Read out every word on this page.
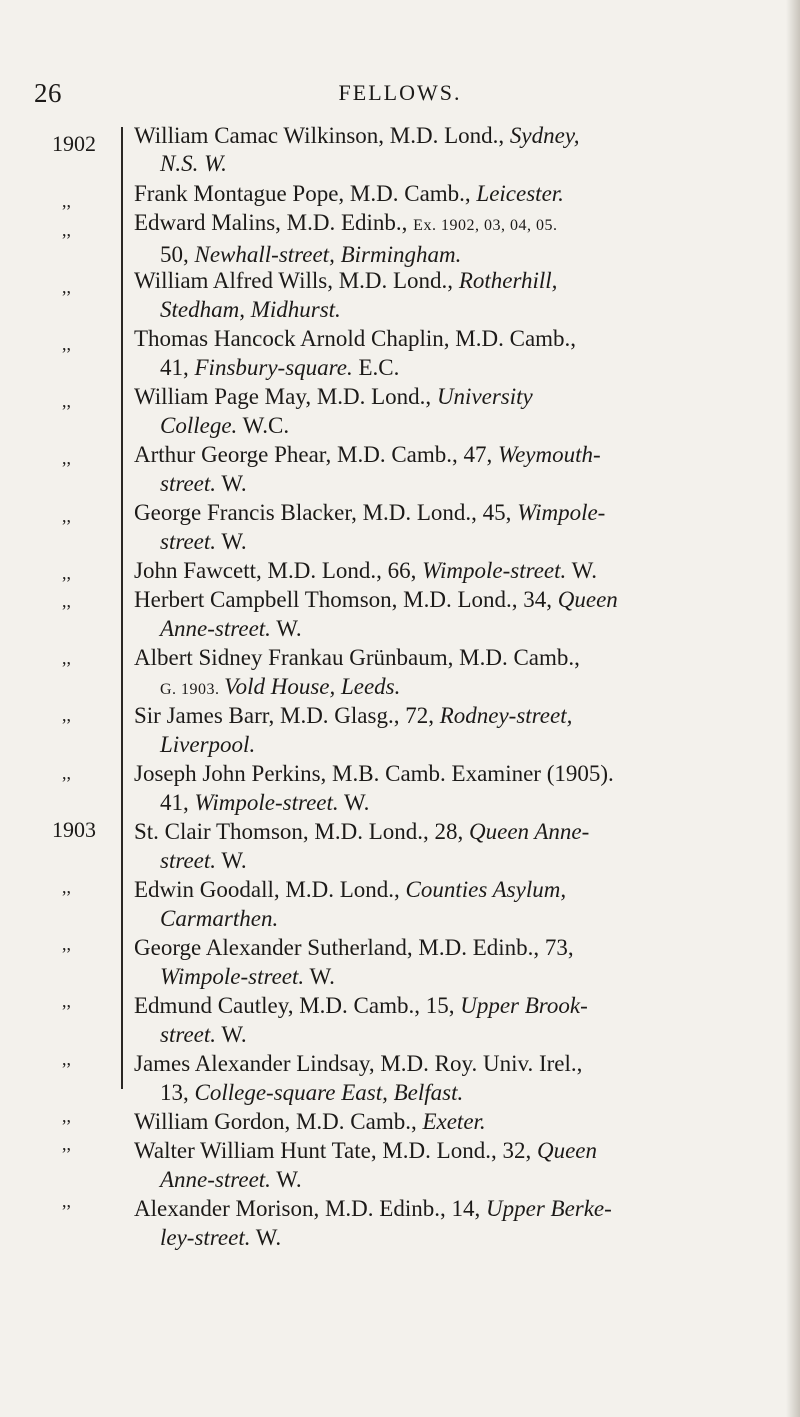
26	FELLOWS.
1902
,,
,,
,,
,,
,,
,,
,,
,,
,,
,,
,,
,,
1903
,,
,,
,,
,,
,,
,,
,,
William Camac Wilkinson, M.D. Lond., Sydney,
N.S. W.
Frank Montague Pope, M.D. Camb., Leicester.
Edward Malins, M.D. Edinb., Ex. 1902, 03, 04, 05.
50, Newhall-street, Birmingham.
William Alfred Wills, M.D. Lond., Rotherhill,
Stedham, Midhurst.
Thomas Hancock Arnold Chaplin, M.D. Camb.,
41, Finsbury-square. E.C.
William Page May, M.D. Lond., University
College. W.C.
Arthur George Phear, M.D. Camb., 47, Weymouth-
street. W.
George Francis Blacker, M.D. Lond., 45, Wimpole-
street. W.
John Fawcett, M.D. Lond., 66, Wimpole-street. W.
Herbert Campbell Thomson, M.D. Lond., 34, Queen
Anne-street. W.
Albert Sidney Frankau Grünbaum, M.D. Camb.,
G. 1903. Vold House, Leeds.
Sir James Barr, M.D. Glasg., 72, Rodney-street,
Liverpool.
Joseph John Perkins, M.B. Camb. Examiner (1905).
41, Wimpole-street. W.
St. Clair Thomson, M.D. Lond., 28, Queen Anne-
street. W.
Edwin Goodall, M.D. Lond., Counties Asylum,
Carmarthen.
George Alexander Sutherland, M.D. Edinb., 73,
Wimpole-street. W.
Edmund Cautley, M.D. Camb., 15, Upper Brook-
street. W.
James Alexander Lindsay, M.D. Roy. Univ. Irel.,
13, College-square East, Belfast.
William Gordon, M.D. Camb., Exeter.
Walter William Hunt Tate, M.D. Lond., 32, Queen
Anne-street. W.
Alexander Morison, M.D. Edinb., 14, Upper Berke-
ley-street. W.
